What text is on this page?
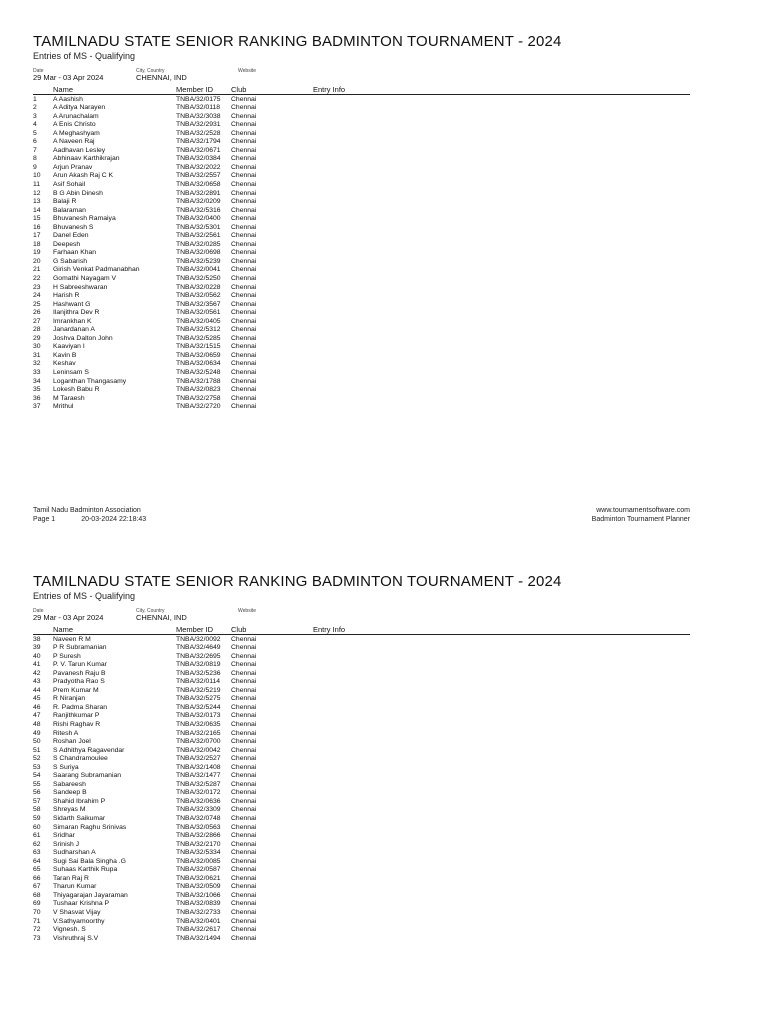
TAMILNADU STATE SENIOR RANKING BADMINTON TOURNAMENT - 2024
Entries of MS - Qualifying
Date
29 Mar - 03 Apr 2024
City, Country
CHENNAI, IND
Website
Name	Member ID Club	Entry Info
1 A Aashish	TNBA/32/0175 Chennai
2 A Aditya Narayen	TNBA/32/0118 Chennai
3 A Arunachalam	TNBA/32/3038 Chennai
4 A Enis Christo	TNBA/32/2931 Chennai
5 A Meghashyam	TNBA/32/2528 Chennai
6 A Naveen Raj	TNBA/32/1794 Chennai
7 Aadhavan Lesley	TNBA/32/0671 Chennai
8 Abhinaav Karthikrajan	TNBA/32/0384 Chennai
9 Arjun Pranav	TNBA/32/2022 Chennai
10 Arun Akash Raj C K	TNBA/32/2557 Chennai
11 Asif Sohail	TNBA/32/0658 Chennai
12 B G Abin Dinesh	TNBA/32/2891 Chennai
13 Balaji R	TNBA/32/0209 Chennai
14 Balaraman	TNBA/32/5316 Chennai
15 Bhuvanesh Ramaiya	TNBA/32/0400 Chennai
16 Bhuvanesh S	TNBA/32/5301 Chennai
17 Danel Eden	TNBA/32/2561 Chennai
18 Deepesh	TNBA/32/0285 Chennai
19 Farhaan Khan	TNBA/32/0698 Chennai
20 G Sabarish	TNBA/32/5239 Chennai
21 Girish Venkat Padmanabhan	TNBA/32/0041 Chennai
22 Gomathi Nayagam V	TNBA/32/5250 Chennai
23 H Sabreeshwaran	TNBA/32/0228 Chennai
24 Harish R	TNBA/32/0562 Chennai
25 Hashwant G	TNBA/32/3567 Chennai
26 Ilanjithra Dev R	TNBA/32/0561 Chennai
27 Imrankhan K	TNBA/32/0405 Chennai
28 Janardanan A	TNBA/32/5312 Chennai
29 Joshva Dalton John	TNBA/32/5285 Chennai
30 Kaaviyan I	TNBA/32/1515 Chennai
31 Kavin B	TNBA/32/0659 Chennai
32 Keshav	TNBA/32/0634 Chennai
33 Leninsam S	TNBA/32/5248 Chennai
34 Loganthan Thangasamy	TNBA/32/1788 Chennai
35 Lokesh Babu R	TNBA/32/0823 Chennai
36 M Taraesh	TNBA/32/2758 Chennai
37 Mrithul	TNBA/32/2720 Chennai
Tamil Nadu Badminton Association
Page 1	20-03-2024 22:18:43
www.tournamentsoftware.com
Badminton Tournament Planner
TAMILNADU STATE SENIOR RANKING BADMINTON TOURNAMENT - 2024
Entries of MS - Qualifying
Date
29 Mar - 03 Apr 2024
City, Country
CHENNAI, IND
Website
Name	Member ID Club	Entry Info
38 Naveen R M	TNBA/32/0092 Chennai
39 P R Subramanian	TNBA/32/4649 Chennai
40 P Suresh	TNBA/32/2695 Chennai
41 P. V. Tarun Kumar	TNBA/32/0819 Chennai
42 Pavanesh Raju B	TNBA/32/5236 Chennai
43 Pradyotha Rao S	TNBA/32/0114 Chennai
44 Prem Kumar M	TNBA/32/5219 Chennai
45 R Niranjan	TNBA/32/5275 Chennai
46 R. Padma Sharan	TNBA/32/5244 Chennai
47 Ranjithkumar P	TNBA/32/0173 Chennai
48 Rishi Raghav R	TNBA/32/0635 Chennai
49 Ritesh A	TNBA/32/2165 Chennai
50 Roshan Joel	TNBA/32/0700 Chennai
51 S Adhithya Ragavendar	TNBA/32/0042 Chennai
52 S Chandramoulee	TNBA/32/2527 Chennai
53 S Suriya	TNBA/32/1408 Chennai
54 Saarang Subramanian	TNBA/32/1477 Chennai
55 Sabareesh	TNBA/32/5287 Chennai
56 Sandeep B	TNBA/32/0172 Chennai
57 Shahid Ibrahim P	TNBA/32/0636 Chennai
58 Shreyas M	TNBA/32/3309 Chennai
59 Sidarth Saikumar	TNBA/32/0748 Chennai
60 Simaran Raghu Srinivas	TNBA/32/0563 Chennai
61 Sridhar	TNBA/32/2866 Chennai
62 Srinish J	TNBA/32/2170 Chennai
63 Sudharshan A	TNBA/32/5334 Chennai
64 Sugi Sai Bala Singha .G	TNBA/32/0085 Chennai
65 Suhaas Karthik Rupa	TNBA/32/0587 Chennai
66 Taran Raj R	TNBA/32/0621 Chennai
67 Tharun Kumar	TNBA/32/0509 Chennai
68 Thiyagarajan Jayaraman	TNBA/32/1066 Chennai
69 Tushaar Krishna P	TNBA/32/0839 Chennai
70 V Shasvat Vijay	TNBA/32/2733 Chennai
71 V.Sathyamoorthy	TNBA/32/0401 Chennai
72 Vignesh. S	TNBA/32/2617 Chennai
73 Vishruthraj S.V	TNBA/32/1494 Chennai
